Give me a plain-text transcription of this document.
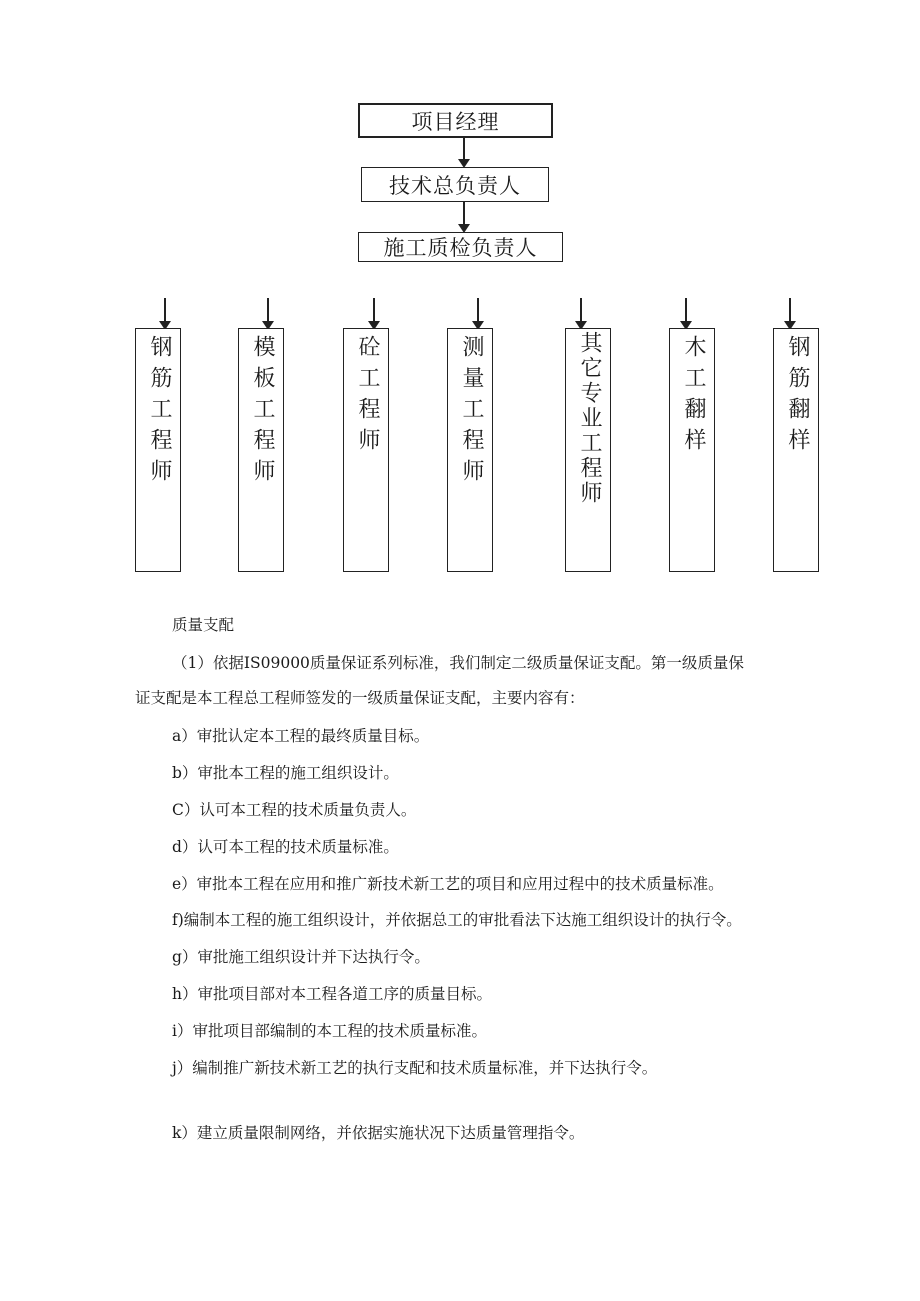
项目经理
技术总负责人
施工质检负责人
钢筋工程师	模板工程师	砼工程师	测量工程师	其它专业工程师	木工翻样	钢筋翻样
质量支配
（1）依据IS09000质量保证系列标准，我们制定二级质量保证支配。第一级质量保
证支配是本工程总工程师签发的一级质量保证支配，主要内容有：
a）审批认定本工程的最终质量目标。
b）审批本工程的施工组织设计。
C）认可本工程的技术质量负责人。
d）认可本工程的技术质量标准。
e）审批本工程在应用和推广新技术新工艺的项目和应用过程中的技术质量标准。
f)编制本工程的施工组织设计，并依据总工的审批看法下达施工组织设计的执行令。
g）审批施工组织设计并下达执行令。
h）审批项目部对本工程各道工序的质量目标。
i）审批项目部编制的本工程的技术质量标准。
j）编制推广新技术新工艺的执行支配和技术质量标准，并下达执行令。
k）建立质量限制网络，并依据实施状况下达质量管理指令。
